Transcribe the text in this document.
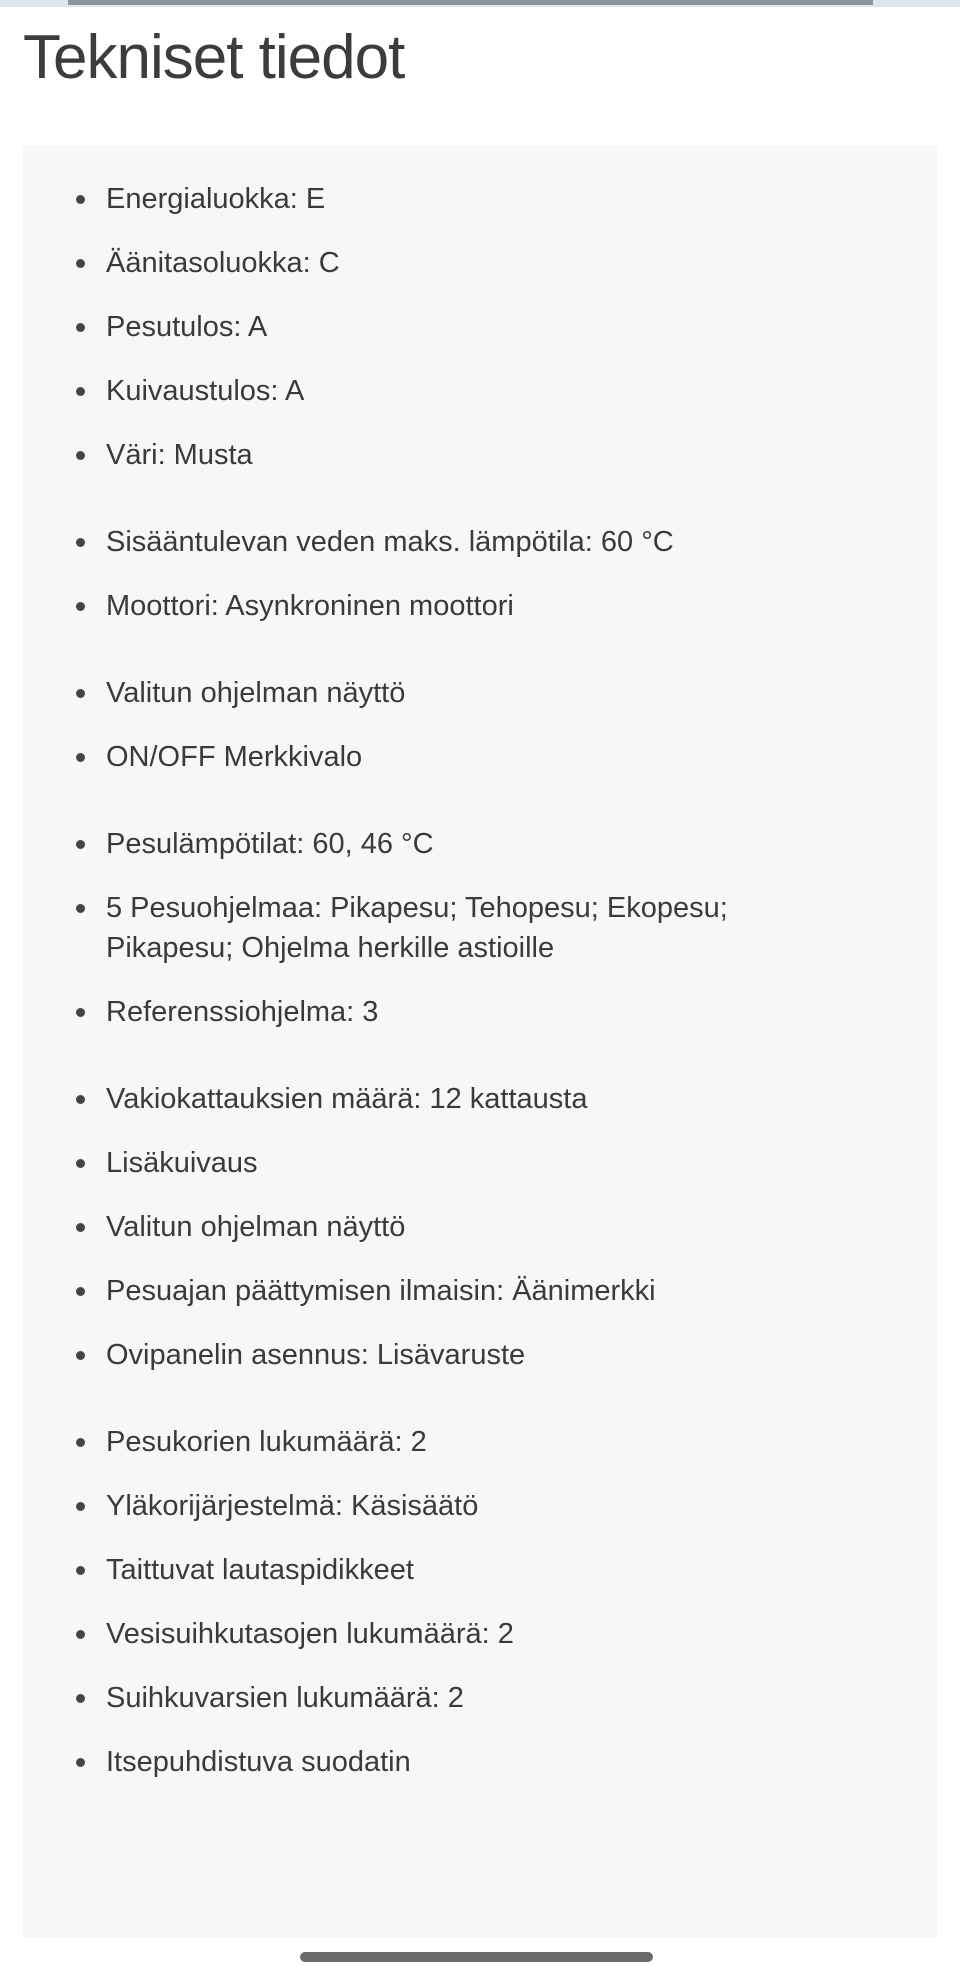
Tekniset tiedot
Energialuokka: E
Äänitasoluokka: C
Pesutulos: A
Kuivaustulos: A
Väri: Musta
Sisääntulevan veden maks. lämpötila: 60 °C
Moottori: Asynkroninen moottori
Valitun ohjelman näyttö
ON/OFF Merkkivalo
Pesulämpötilat: 60, 46 °C
5 Pesuohjelmaa: Pikapesu; Tehopesu; Ekopesu; Pikapesu; Ohjelma herkille astioille
Referenssiohjelma: 3
Vakiokattauksien määrä: 12 kattausta
Lisäkuivaus
Valitun ohjelman näyttö
Pesuajan päättymisen ilmaisin: Äänimerkki
Ovipanelin asennus: Lisävaruste
Pesukorien lukumäärä: 2
Yläkorijärjestelmä: Käsisäätö
Taittuvat lautaspidikkeet
Vesisuihkutasojen lukumäärä: 2
Suihkuvarsien lukumäärä: 2
Itsepuhdistuva suodatin
